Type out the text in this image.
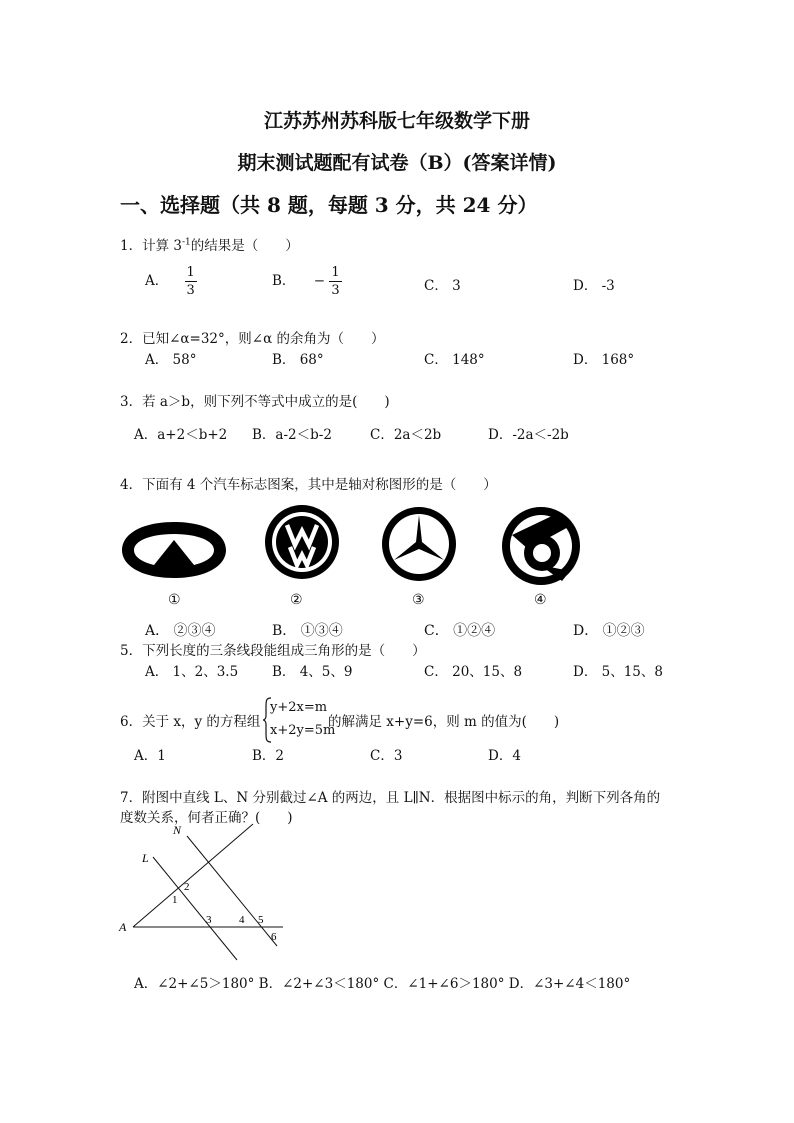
江苏苏州苏科版七年级数学下册
期末测试题配有试卷（B）(答案详情)
一、选择题（共 8 题，每题 3 分，共 24 分）
1．计算 $3^{-1}$的结果是（　　）
A． $\frac{1}{3}$	B． − $\frac{1}{3}$	C． 3	D． -3
2．已知∠α=32°，则∠α 的余角为（　　）
A． 58°	B． 68°	C． 148°	D． 168°
3．若 a＞b，则下列不等式中成立的是(　　)
A．a+2＜b+2 B．a-2＜b-2	C．2a＜2b	D．-2a＜-2b
4．下面有 4 个汽车标志图案，其中是轴对称图形的是（　　）
①	②	③	④
A． ②③④	B． ①③④	C． ①②④	D． ①②③
5．下列长度的三条线段能组成三角形的是（　　）
A． 1、2、3.5	B． 4、5、9	C． 20、15、8	D． 5、15、8
6．关于 x，y 的方程组
y+2x=m
x+2y=5m
的解满足 x+y=6，则 m 的值为(　　)
A．1	B．2	C．3	D．4
7．附图中直线 L、N 分别截过∠A 的两边，且 L∥N．根据图中标示的角，判断下列各角的
度数关系，何者正确？(　　)
N
L
A
1
2
3	4 5
6
A．∠2+∠5＞180° B．∠2+∠3＜180° C．∠1+∠6＞180° D．∠3+∠4＜180°
